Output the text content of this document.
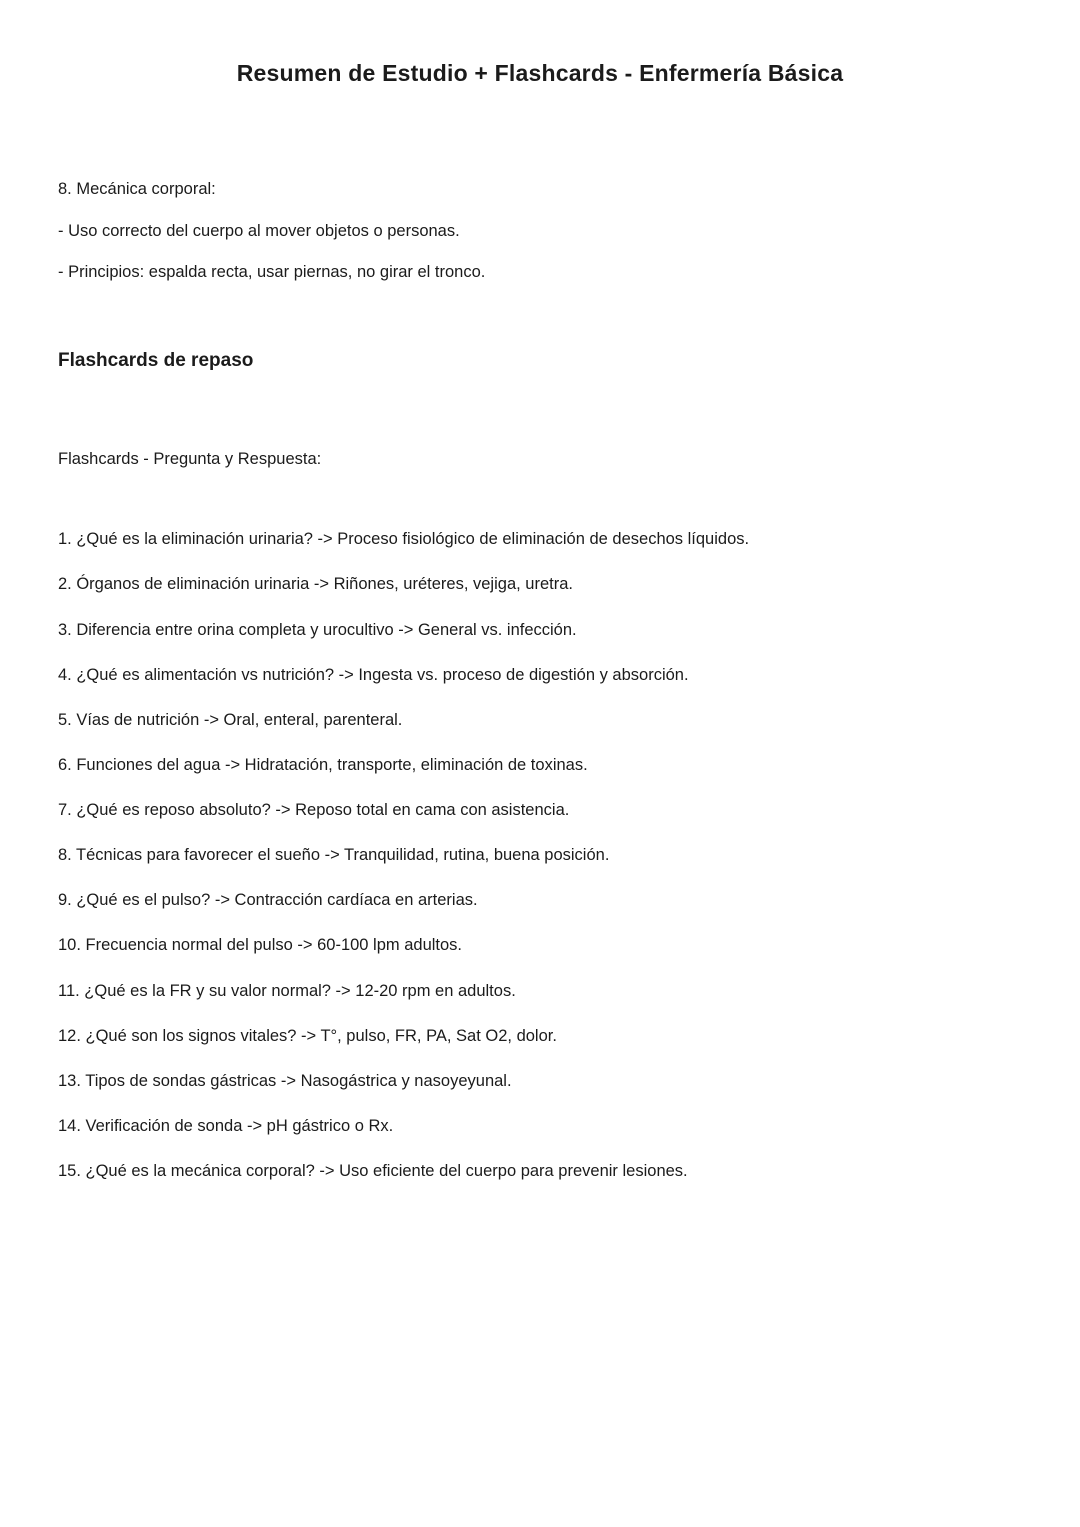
Resumen de Estudio + Flashcards - Enfermería Básica
8. Mecánica corporal:
- Uso correcto del cuerpo al mover objetos o personas.
- Principios: espalda recta, usar piernas, no girar el tronco.
Flashcards de repaso
Flashcards - Pregunta y Respuesta:
1. ¿Qué es la eliminación urinaria? -> Proceso fisiológico de eliminación de desechos líquidos.
2. Órganos de eliminación urinaria -> Riñones, uréteres, vejiga, uretra.
3. Diferencia entre orina completa y urocultivo -> General vs. infección.
4. ¿Qué es alimentación vs nutrición? -> Ingesta vs. proceso de digestión y absorción.
5. Vías de nutrición -> Oral, enteral, parenteral.
6. Funciones del agua -> Hidratación, transporte, eliminación de toxinas.
7. ¿Qué es reposo absoluto? -> Reposo total en cama con asistencia.
8. Técnicas para favorecer el sueño -> Tranquilidad, rutina, buena posición.
9. ¿Qué es el pulso? -> Contracción cardíaca en arterias.
10. Frecuencia normal del pulso -> 60-100 lpm adultos.
11. ¿Qué es la FR y su valor normal? -> 12-20 rpm en adultos.
12. ¿Qué son los signos vitales? -> T°, pulso, FR, PA, Sat O2, dolor.
13. Tipos de sondas gástricas -> Nasogástrica y nasoyeyunal.
14. Verificación de sonda -> pH gástrico o Rx.
15. ¿Qué es la mecánica corporal? -> Uso eficiente del cuerpo para prevenir lesiones.
